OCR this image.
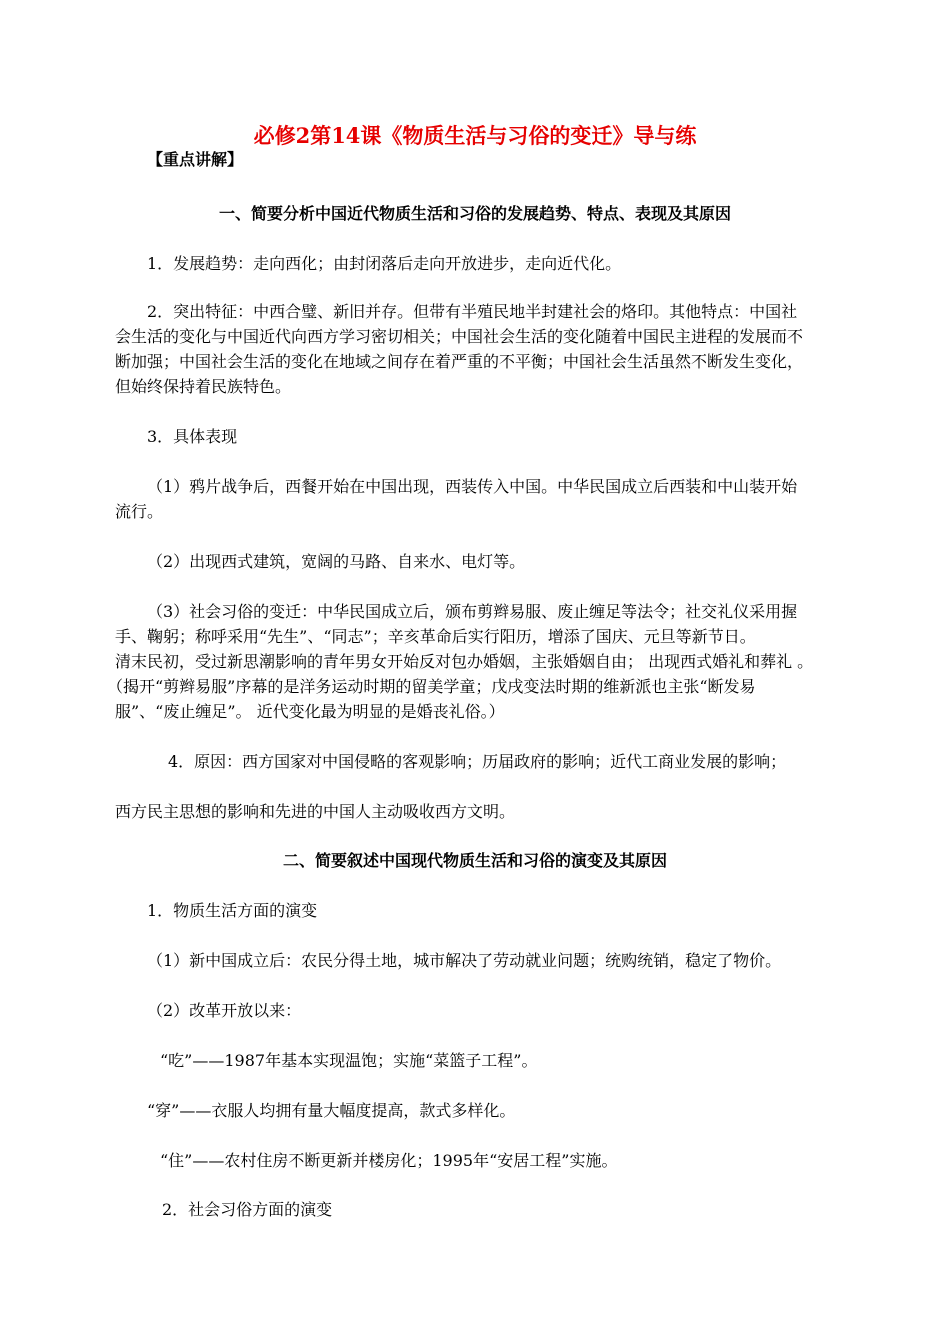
必修2第14课《物质生活与习俗的变迁》导与练
【重点讲解】
一、简要分析中国近代物质生活和习俗的发展趋势、特点、表现及其原因
1．发展趋势：走向西化；由封闭落后走向开放进步，走向近代化。
2．突出特征：中西合璧、新旧并存。但带有半殖民地半封建社会的烙印。其他特点：中国社
会生活的变化与中国近代向西方学习密切相关；中国社会生活的变化随着中国民主进程的发展而不
断加强；中国社会生活的变化在地域之间存在着严重的不平衡；中国社会生活虽然不断发生变化，
但始终保持着民族特色。
3．具体表现
（1）鸦片战争后，西餐开始在中国出现，西装传入中国。中华民国成立后西装和中山装开始
流行。
（2）出现西式建筑，宽阔的马路、自来水、电灯等。
（3）社会习俗的变迁：中华民国成立后，颁布剪辫易服、废止缠足等法令；社交礼仪采用握
手、鞠躬；称呼采用“先生”、“同志”；辛亥革命后实行阳历，增添了国庆、元旦等新节日。
清末民初，受过新思潮影响的青年男女开始反对包办婚姻，主张婚姻自由； 出现西式婚礼和葬礼 。
（揭开“剪辫易服”序幕的是洋务运动时期的留美学童；戊戌变法时期的维新派也主张“断发易
服”、“废止缠足”。 近代变化最为明显的是婚丧礼俗。）
4．原因：西方国家对中国侵略的客观影响；历届政府的影响；近代工商业发展的影响；
西方民主思想的影响和先进的中国人主动吸收西方文明。
二、简要叙述中国现代物质生活和习俗的演变及其原因
1．物质生活方面的演变
（1）新中国成立后：农民分得土地，城市解决了劳动就业问题；统购统销，稳定了物价。
（2）改革开放以来：
“吃”——1987年基本实现温饱；实施“菜篮子工程”。
“穿”——衣服人均拥有量大幅度提高，款式多样化。
“住”——农村住房不断更新并楼房化；1995年“安居工程”实施。
2．社会习俗方面的演变
